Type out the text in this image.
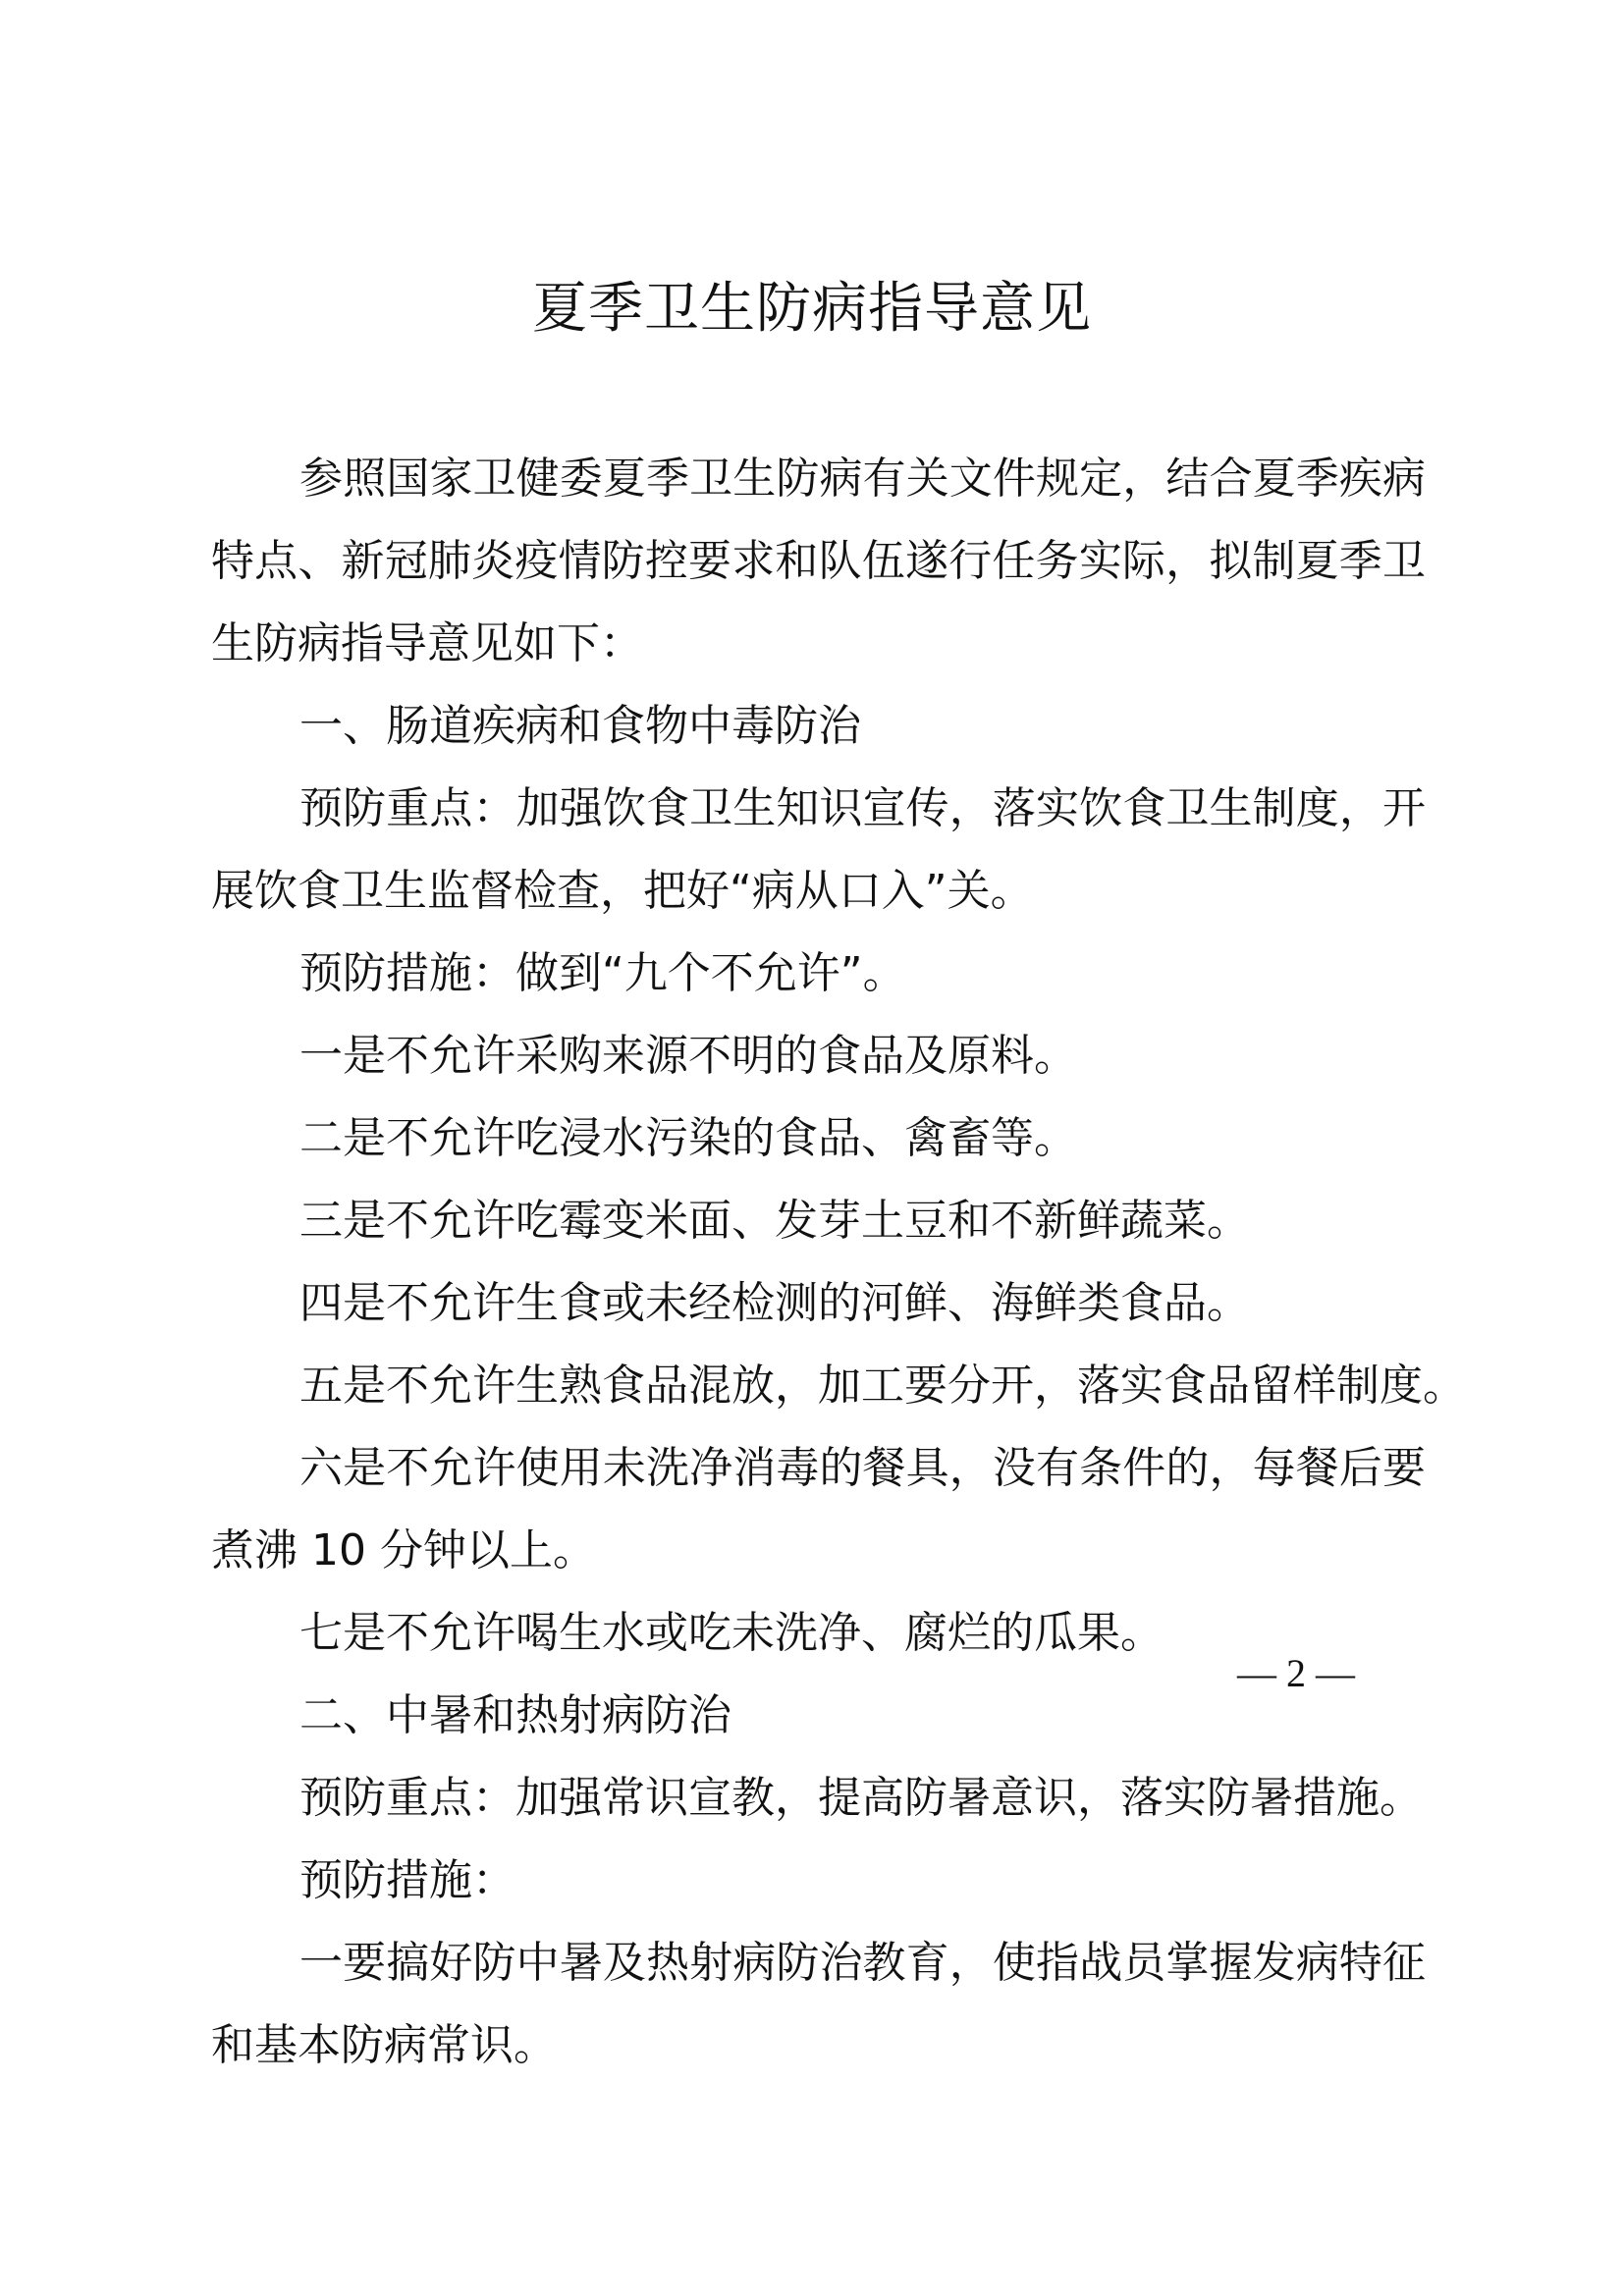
夏季卫生防病指导意见
参照国家卫健委夏季卫生防病有关文件规定，结合夏季疾病
特点、新冠肺炎疫情防控要求和队伍遂行任务实际，拟制夏季卫
生防病指导意见如下：
一、肠道疾病和食物中毒防治
预防重点：加强饮食卫生知识宣传，落实饮食卫生制度，开
展饮食卫生监督检查，把好“病从口入”关。
预防措施：做到“九个不允许”。
一是不允许采购来源不明的食品及原料。
二是不允许吃浸水污染的食品、禽畜等。
三是不允许吃霉变米面、发芽土豆和不新鲜蔬菜。
四是不允许生食或未经检测的河鲜、海鲜类食品。
五是不允许生熟食品混放，加工要分开，落实食品留样制度。
六是不允许使用未洗净消毒的餐具，没有条件的，每餐后要
煮沸 10 分钟以上。
七是不允许喝生水或吃未洗净、腐烂的瓜果。
二、中暑和热射病防治
预防重点：加强常识宣教，提高防暑意识，落实防暑措施。
预防措施：
一要搞好防中暑及热射病防治教育，使指战员掌握发病特征
和基本防病常识。
— 2 —
